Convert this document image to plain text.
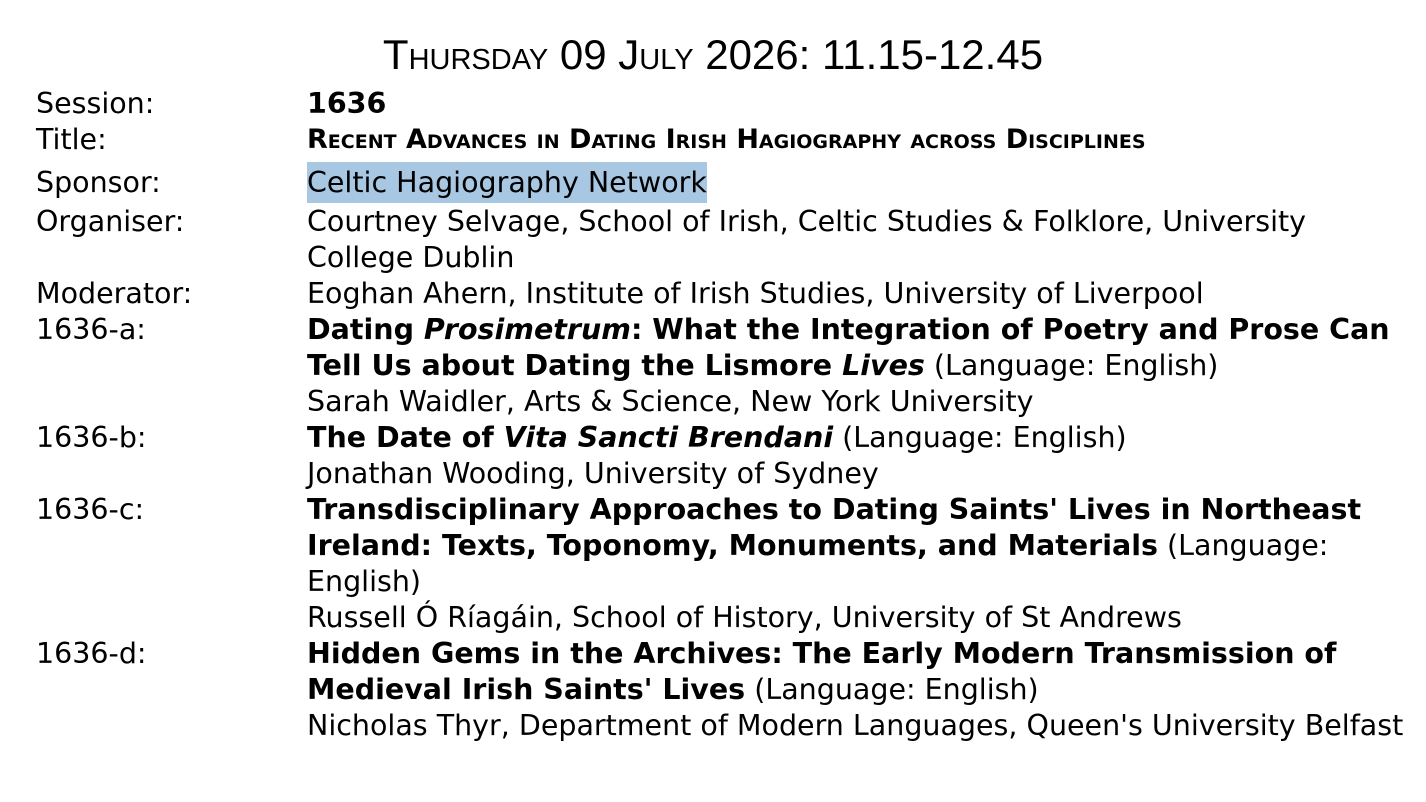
Thursday 09 July 2026: 11.15-12.45
Session:	1636
Title:	Recent Advances in Dating Irish Hagiography across Disciplines
Sponsor:	Celtic Hagiography Network
Organiser:	Courtney Selvage, School of Irish, Celtic Studies & Folklore, University College Dublin
Moderator:	Eoghan Ahern, Institute of Irish Studies, University of Liverpool
1636-a:	Dating Prosimetrum: What the Integration of Poetry and Prose Can Tell Us about Dating the Lismore Lives (Language: English)
Sarah Waidler, Arts & Science, New York University
1636-b:	The Date of Vita Sancti Brendani (Language: English)
Jonathan Wooding, University of Sydney
1636-c:	Transdisciplinary Approaches to Dating Saints' Lives in Northeast Ireland: Texts, Toponomy, Monuments, and Materials (Language: English)
Russell Ó Ríagáin, School of History, University of St Andrews
1636-d:	Hidden Gems in the Archives: The Early Modern Transmission of Medieval Irish Saints' Lives (Language: English)
Nicholas Thyr, Department of Modern Languages, Queen's University Belfast
